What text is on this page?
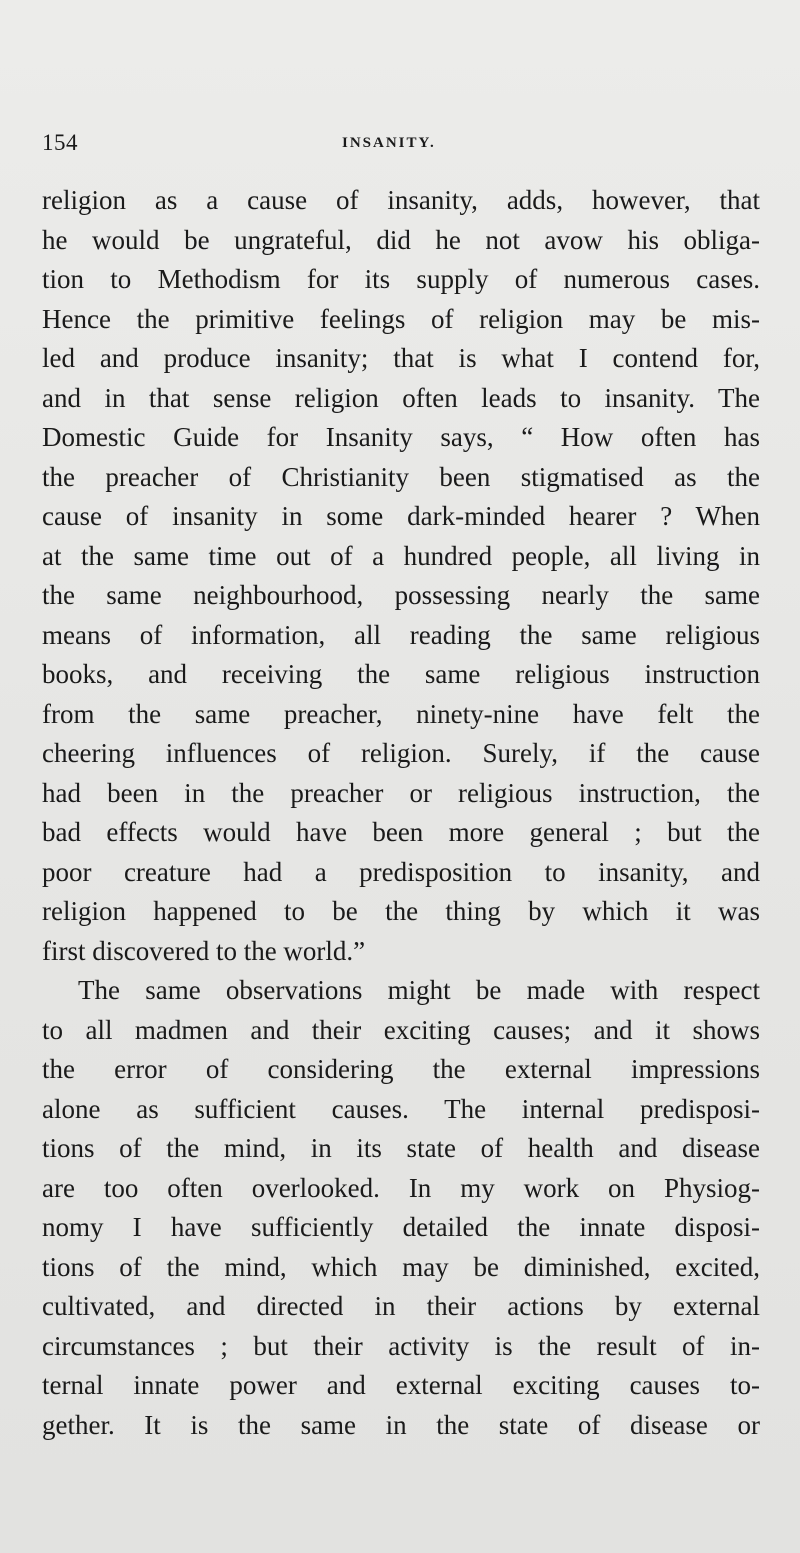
154	INSANITY.
religion as a cause of insanity, adds, however, that
he would be ungrateful, did he not avow his obliga-
tion to Methodism for its supply of numerous cases.
Hence the primitive feelings of religion may be mis-
led and produce insanity; that is what I contend for,
and in that sense religion often leads to insanity. The
Domestic Guide for Insanity says, “ How often has
the preacher of Christianity been stigmatised as the
cause of insanity in some dark-minded hearer ? When
at the same time out of a hundred people, all living in
the same neighbourhood, possessing nearly the same
means of information, all reading the same religious
books, and receiving the same religious instruction
from the same preacher, ninety-nine have felt the
cheering influences of religion. Surely, if the cause
had been in the preacher or religious instruction, the
bad effects would have been more general ; but the
poor creature had a predisposition to insanity, and
religion happened to be the thing by which it was
first discovered to the world.”
The same observations might be made with respect
to all madmen and their exciting causes; and it shows
the error of considering the external impressions
alone as sufficient causes. The internal predisposi-
tions of the mind, in its state of health and disease
are too often overlooked. In my work on Physiog-
nomy I have sufficiently detailed the innate disposi-
tions of the mind, which may be diminished, excited,
cultivated, and directed in their actions by external
circumstances ; but their activity is the result of in-
ternal innate power and external exciting causes to-
gether. It is the same in the state of disease or
